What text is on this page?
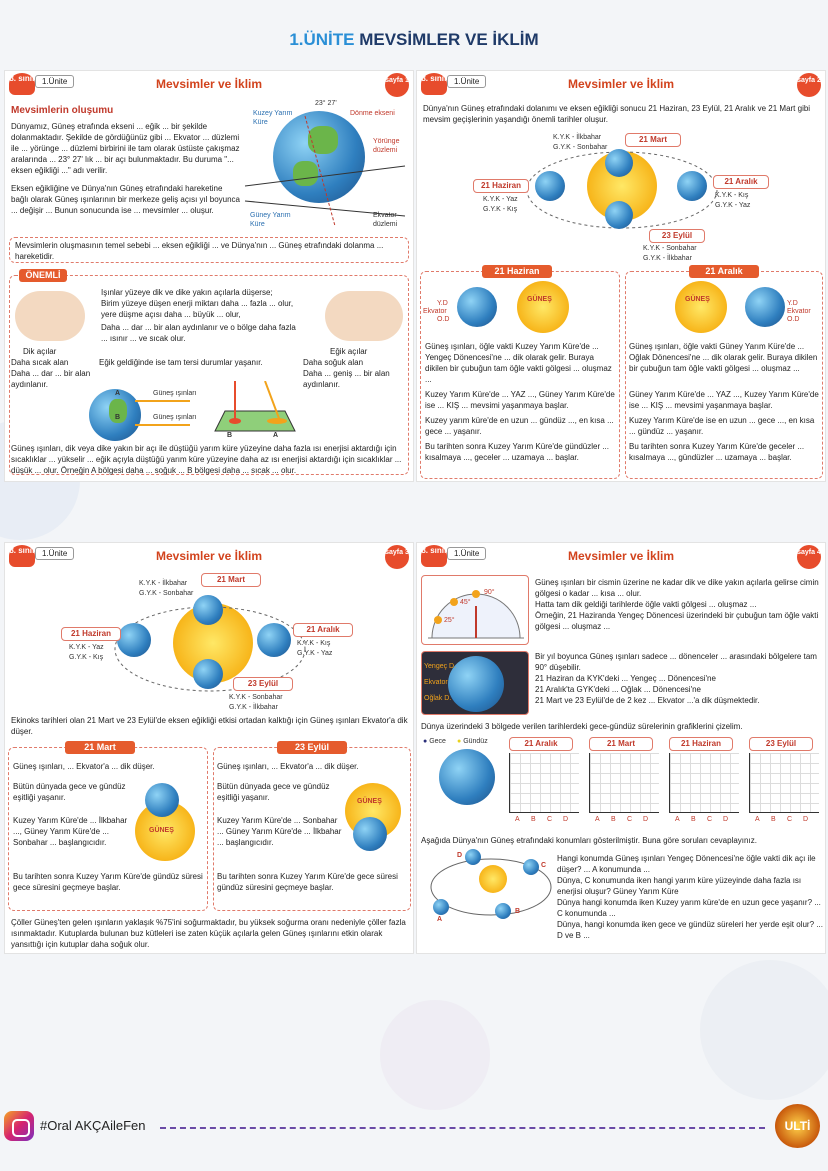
1.ÜNİTE MEVSİMLER VE İKLİM
8. sınıf 1.Ünite	Mevsimler ve İklim	sayfa 1
Mevsimlerin oluşumu
Dünyamız, Güneş etrafında ekseni ... eğik ... bir şekilde dolanmaktadır. Şekilde de gördüğünüz gibi ... Ekvator ... düzlemi ile ... yörünge ... düzlemi birbirini ile tam olarak üstüste çakışmaz aralarında ... 23° 27' lık ... bir açı bulunmaktadır. Bu duruma "... eksen eğikliği ..." adı verilir.
Eksen eğikliğine ve Dünya'nın Güneş etrafındaki hareketine bağlı olarak Güneş ışınlarının bir merkeze geliş açısı yıl boyunca ... değişir ... Bunun sonucunda ise ... mevsimler ... oluşur.
23° 27'
Dönme ekseni
Kuzey Yarım Küre
Yörünge düzlemi
Güney Yarım Küre
Ekvator düzlemi
Mevsimlerin oluşmasının temel sebebi ... eksen eğikliği ... ve Dünya'nın ... Güneş etrafındaki dolanma ... hareketidir.
ÖNEMLİ
Işınlar yüzeye dik ve dike yakın açılarla düşerse;
Birim yüzeye düşen enerji miktarı daha ... fazla ... olur, yere düşme açısı daha ... büyük ... olur,
Daha ... dar ... bir alan aydınlanır ve o bölge daha fazla ... ısınır ... ve sıcak olur.
Dik açılar
Daha sıcak alan
Daha ... dar ... bir alan aydınlanır.
Eğik geldiğinde ise tam tersi durumlar yaşanır.
Eğik açılar
Daha soğuk alan
Daha ... geniş ... bir alan aydınlanır.
Güneş ışınları
Güneş ışınları
A
B
B	A
Güneş ışınları, dik veya dike yakın bir açı ile düştüğü yarım küre yüzeyine daha fazla ısı enerjisi aktardığı için sıcaklıklar ... yükselir ... eğik açıyla düştüğü yarım küre yüzeyine daha az ısı enerjisi aktardığı için sıcaklıklar ... düşük ... olur. Örneğin A bölgesi daha ... soğuk ... B bölgesi daha ... sıcak ... olur.
8. sınıf 1.Ünite	Mevsimler ve İklim	sayfa 2
Dünya'nın Güneş etrafındaki dolanımı ve eksen eğikliği sonucu 21 Haziran, 23 Eylül, 21 Aralık ve 21 Mart gibi mevsim geçişlerinin yaşandığı önemli tarihler oluşur.
21 Mart
21 Haziran	21 Aralık
23 Eylül
K.Y.K - İlkbahar
G.Y.K - Sonbahar
K.Y.K - Yaz
G.Y.K - Kış
K.Y.K - Kış
G.Y.K - Yaz
K.Y.K - Sonbahar
G.Y.K - İlkbahar
21 Haziran
GÜNEŞ
Y.D
Ekvator
O.D
Güneş ışınları, öğle vakti Kuzey Yarım Küre'de ... Yengeç Dönencesi'ne ... dik olarak gelir. Buraya dikilen bir çubuğun tam öğle vakti gölgesi ... oluşmaz ...
Kuzey Yarım Küre'de ... YAZ ..., Güney Yarım Küre'de ise ... KIŞ ... mevsimi yaşanmaya başlar.
Kuzey yarım küre'de en uzun ... gündüz ..., en kısa ... gece ... yaşanır.
Bu tarihten sonra Kuzey Yarım Küre'de gündüzler ... kısalmaya ..., geceler ... uzamaya ... başlar.
21 Aralık
GÜNEŞ
Y.D
Ekvator
O.D
Güneş ışınları, öğle vakti Güney Yarım Küre'de ... Oğlak Dönencesi'ne ... dik olarak gelir. Buraya dikilen bir çubuğun tam öğle vakti gölgesi ... oluşmaz ...
Güney Yarım Küre'de ... YAZ ..., Kuzey Yarım Küre'de ise ... KIŞ ... mevsimi yaşanmaya başlar.
Kuzey Yarım Küre'de ise en uzun ... gece ..., en kısa ... gündüz ... yaşanır.
Bu tarihten sonra Kuzey Yarım Küre'de geceler ... kısalmaya ..., gündüzler ... uzamaya ... başlar.
8. sınıf 1.Ünite	Mevsimler ve İklim	sayfa 3
21 Mart
21 Haziran	21 Aralık
23 Eylül
K.Y.K - İlkbahar
G.Y.K - Sonbahar
K.Y.K - Yaz
G.Y.K - Kış
K.Y.K - Kış
G.Y.K - Yaz
K.Y.K - Sonbahar
G.Y.K - İlkbahar
Ekinoks tarihleri olan 21 Mart ve 23 Eylül'de eksen eğikliği etkisi ortadan kalktığı için Güneş ışınları Ekvator'a dik düşer.
21 Mart
GÜNEŞ
Güneş ışınları, ... Ekvator'a ... dik düşer.
Bütün dünyada gece ve gündüz eşitliği yaşanır.
Kuzey Yarım Küre'de ... İlkbahar ..., Güney Yarım Küre'de ... Sonbahar ... başlangıcıdır.
Bu tarihten sonra Kuzey Yarım Küre'de gündüz süresi gece süresini geçmeye başlar.
23 Eylül
GÜNEŞ
Güneş ışınları, ... Ekvator'a ... dik düşer.
Bütün dünyada gece ve gündüz eşitliği yaşanır.
Kuzey Yarım Küre'de ... Sonbahar ... Güney Yarım Küre'de ... İlkbahar ... başlangıcıdır.
Bu tarihten sonra Kuzey Yarım Küre'de gece süresi gündüz süresini geçmeye başlar.
Çöller Güneş'ten gelen ışınların yaklaşık %75'ini soğurmaktadır, bu yüksek soğurma oranı nedeniyle çöller fazla ısınmaktadır. Kutuplarda bulunan buz kütleleri ise zaten küçük açılarla gelen Güneş ışınlarını etkin olarak yansıttığı için kutuplar daha soğuk olur.
8. sınıf 1.Ünite	Mevsimler ve İklim	sayfa 4
90°
45°
25°
Güneş ışınları bir cismin üzerine ne kadar dik ve dike yakın açılarla gelirse cimin gölgesi o kadar ... kısa ... olur.
Hatta tam dik geldiği tarihlerde öğle vakti gölgesi ... oluşmaz ...
Örneğin, 21 Haziranda Yengeç Dönencesi üzerindeki bir çubuğun tam öğle vakti gölgesi ... oluşmaz ...
Yengeç D.
Ekvator
Oğlak D.
Bir yıl boyunca Güneş ışınları sadece ... dönenceler ... arasındaki bölgelere tam 90° düşebilir.
21 Haziran da KYK'deki ... Yengeç ... Dönencesi'ne
21 Aralık'ta GYK'deki ... Oğlak ... Dönencesi'ne
21 Mart ve 23 Eylül'de de 2 kez ... Ekvator ...'a dik düşmektedir.
Dünya üzerindeki 3 bölgede verilen tarihlerdeki gece-gündüz sürelerinin grafiklerini çizelim.
● Gece ● Gündüz
Aşağıda Dünya'nın Güneş etrafındaki konumları gösterilmiştir. Buna göre soruları cevaplayınız.
D
C
A
B
Hangi konumda Güneş ışınları Yengeç Dönencesi'ne öğle vakti dik açı ile düşer? ... A konumunda ...
Dünya, C konumunda iken hangi yarım küre yüzeyinde daha fazla ısı enerjisi oluşur? Güney Yarım Küre
Dünya hangi konumda iken Kuzey yarım küre'de en uzun gece yaşanır? ... C konumunda ...
Dünya, hangi konumda iken gece ve gündüz süreleri her yerde eşit olur? ... D ve B ...
21 Aralık
A B C D
21 Mart
A B C D
21 Haziran
A B C D
23 Eylül
A B C D
#Oral AKÇAileFen	ULTİ
